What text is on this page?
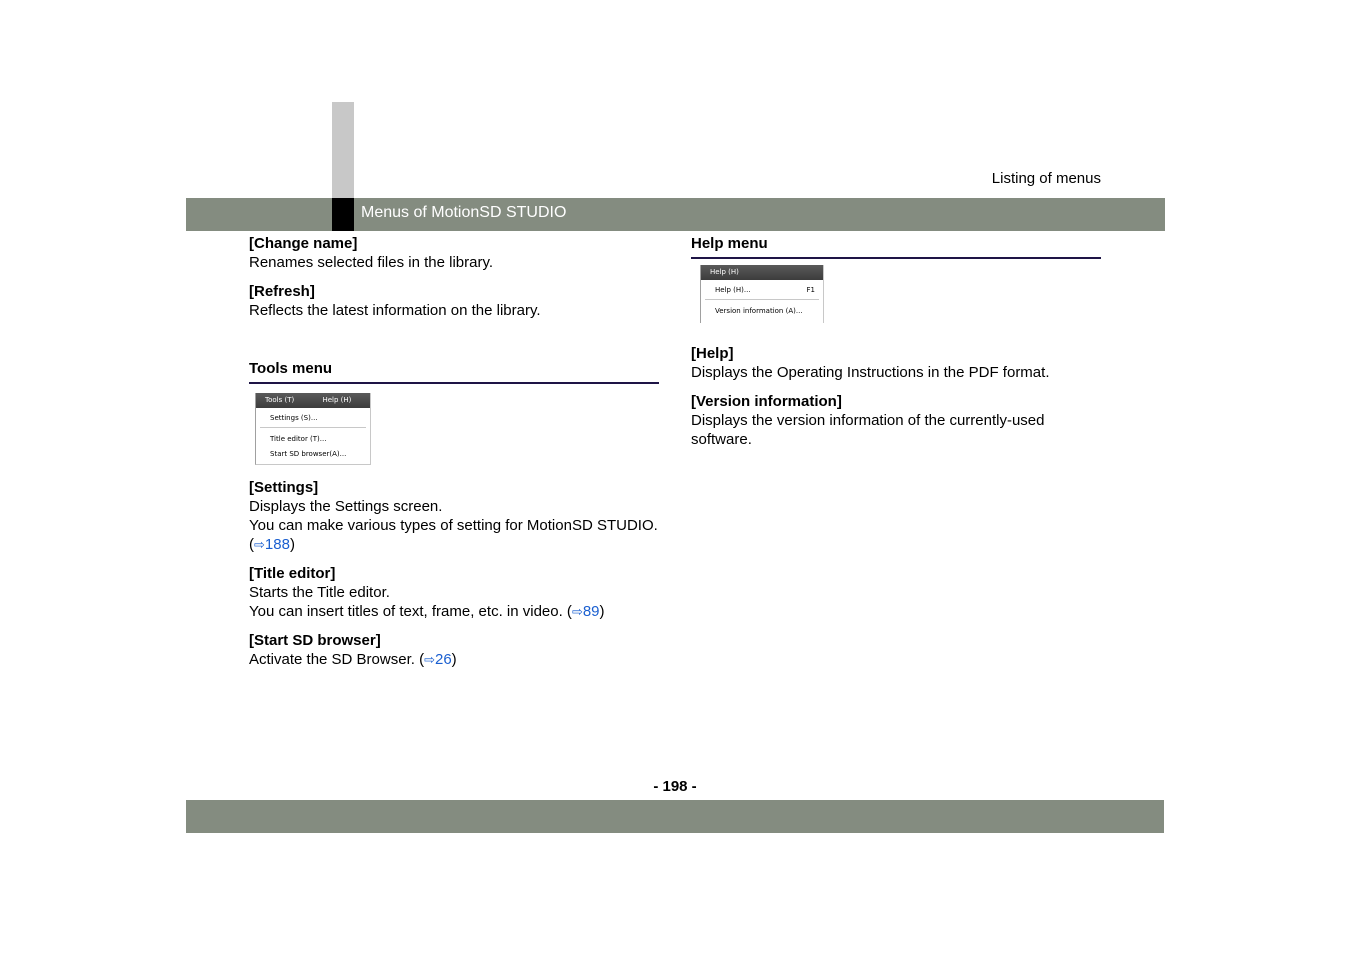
Menus of MotionSD STUDIO
Listing of menus

[Change name]

Renames selected files in the library.

[Refresh]

Reflects the latest information on the library.

Tools menu
Tools (T)	Help (H)
Settings (S)...
Title editor (T)...
Start SD browser(A)...

[Settings]

Displays the Settings screen.

You can make various types of setting for MotionSD STUDIO. (⇨188)

[Title editor]

Starts the Title editor.

You can insert titles of text, frame, etc. in video. (⇨89)

[Start SD browser]

Activate the SD Browser. (⇨26)

Help menu
Help (H)
Help (H)...	F1
Version information (A)...

[Help]

Displays the Operating Instructions in the PDF format.

[Version information]

Displays the version information of the currently-used software.

- 198 -
